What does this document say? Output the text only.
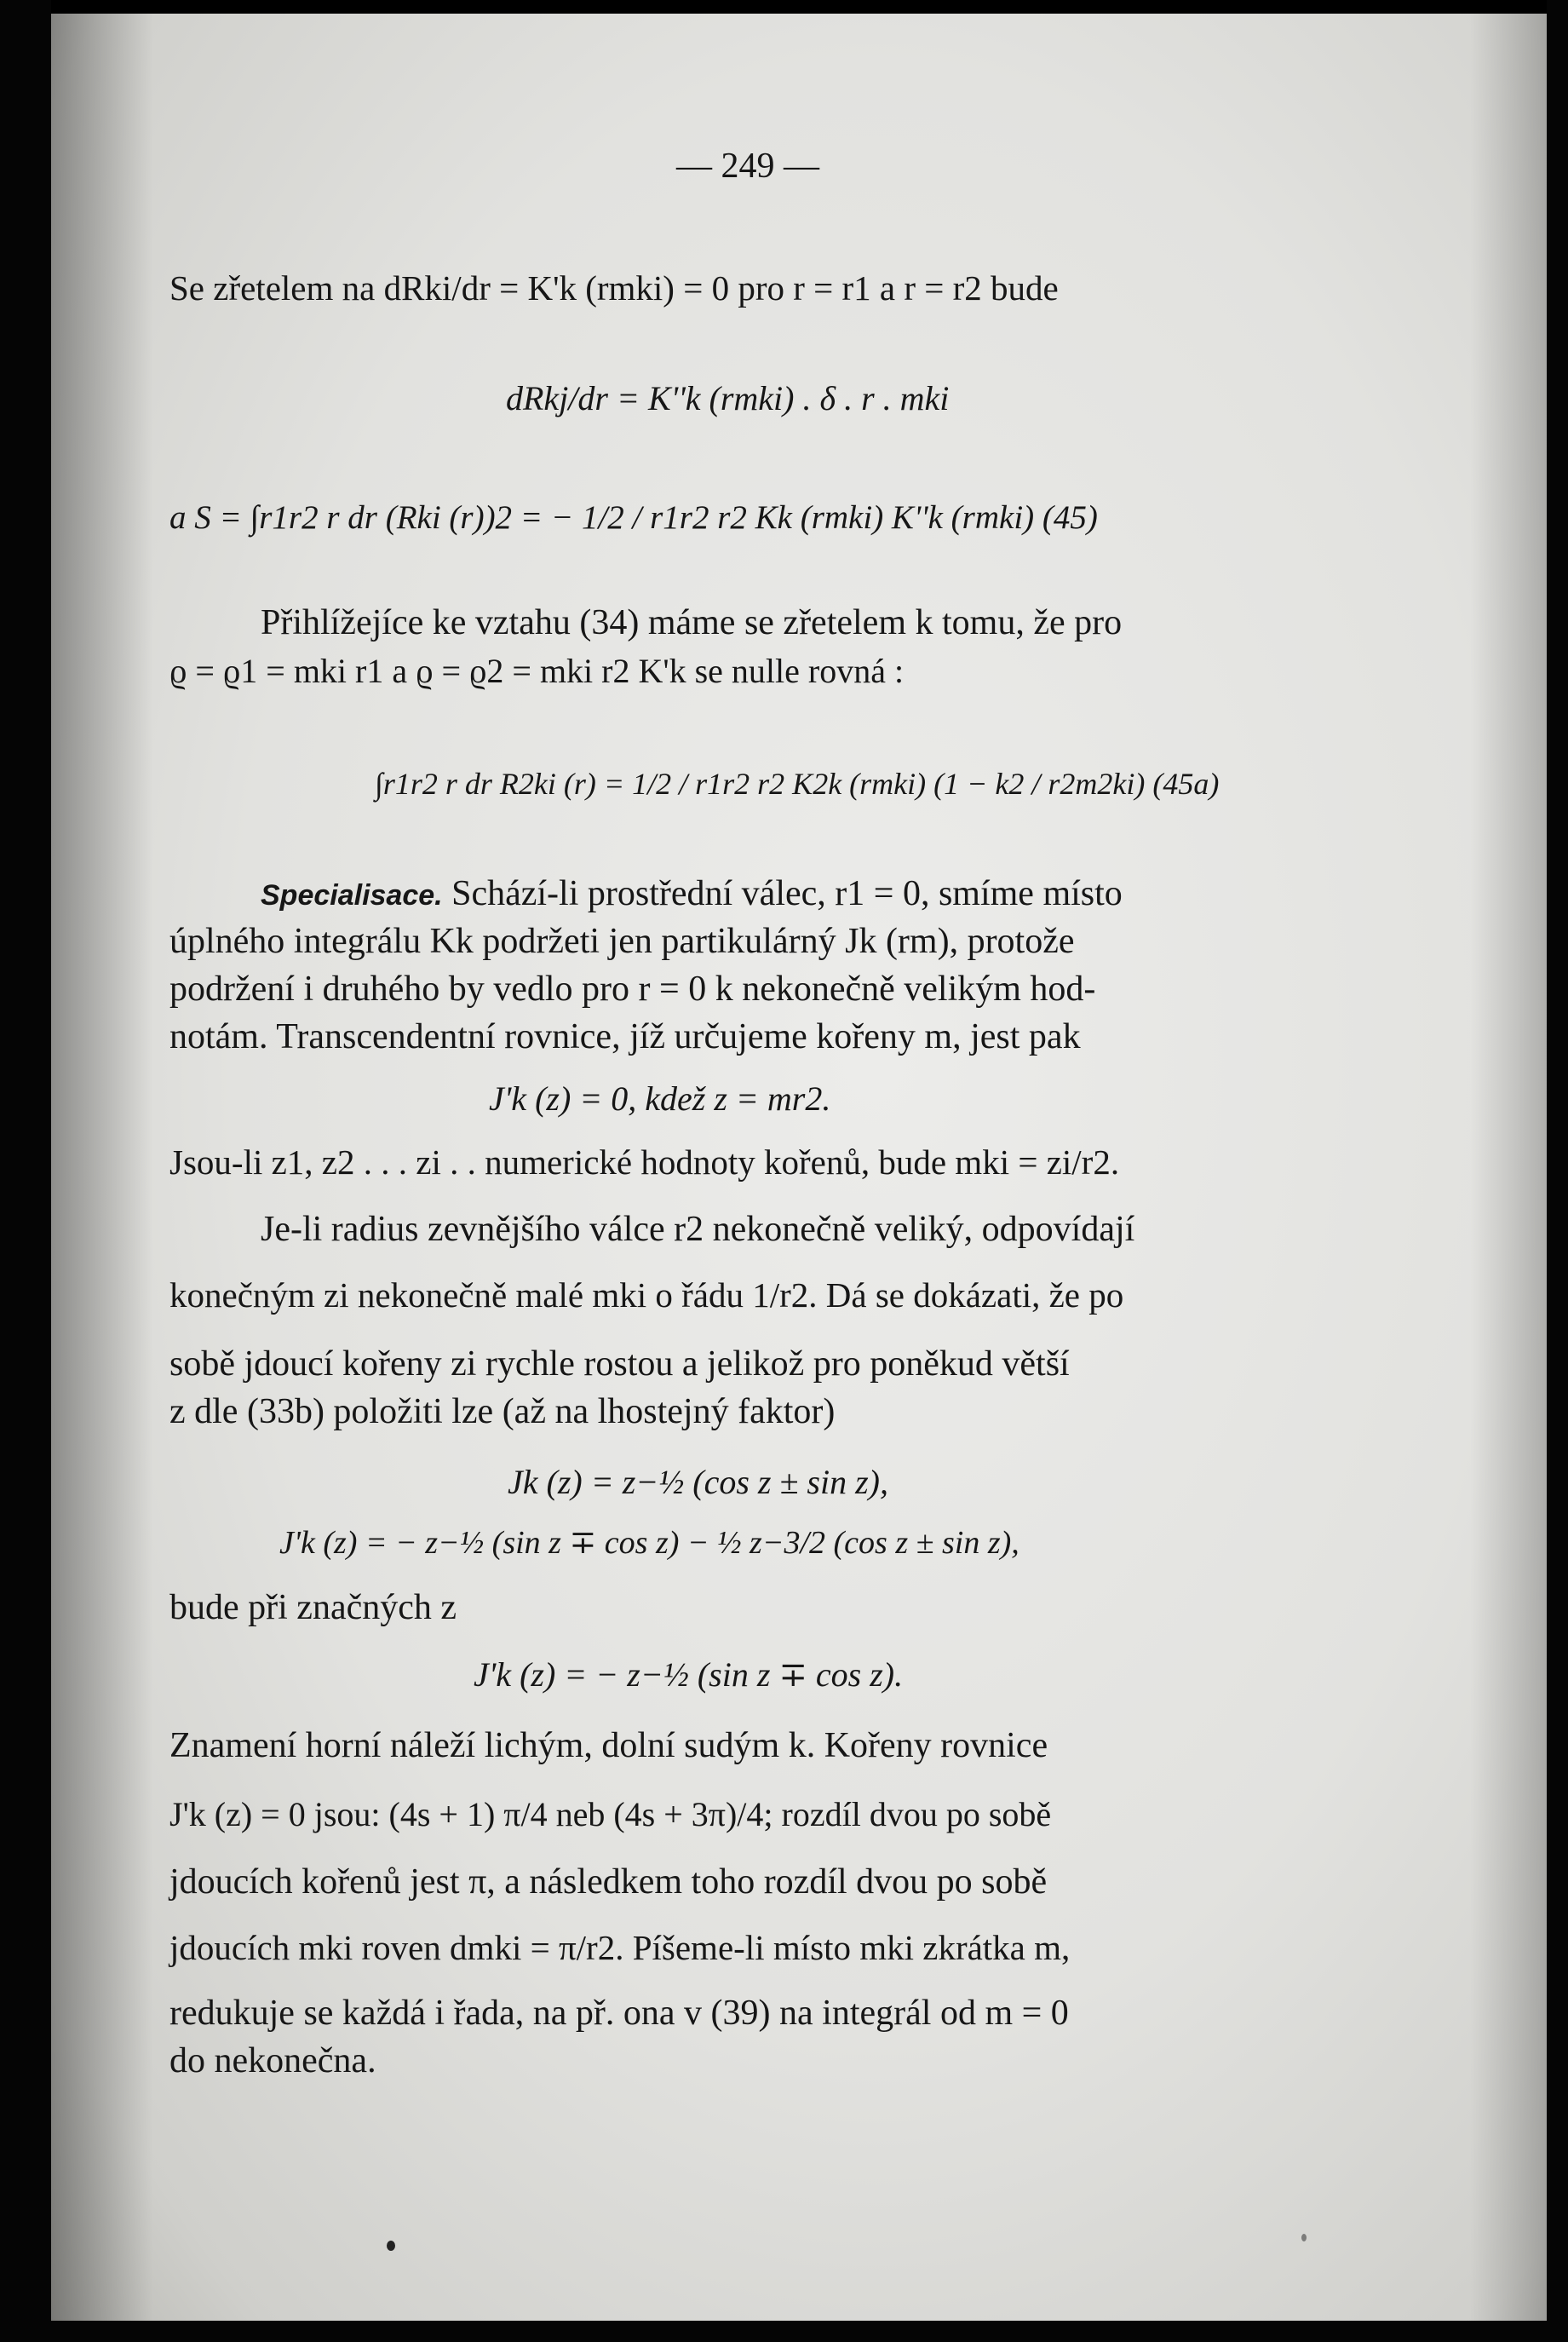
— 249 —
Se zřetelem na dRki/dr = K'k (rmki) = 0 pro r = r1 a r = r2 bude
dRkj/dr = K''k (rmki) . δ . r . mki
a S = ∫r1r2 r dr (Rki (r))2 = − 1/2 / r1r2 r2 Kk (rmki) K''k (rmki) (45)
Přihlížejíce ke vztahu (34) máme se zřetelem k tomu, že pro
ϱ = ϱ1 = mki r1 a ϱ = ϱ2 = mki r2 K'k se nulle rovná :
∫r1r2 r dr R2ki (r) = 1/2 / r1r2 r2 K2k (rmki) (1 − k2 / r2m2ki) (45a)
Specialisace. Schází-li prostřední válec, r1 = 0, smíme místo
úplného integrálu Kk podržeti jen partikulárný Jk (rm), protože
podržení i druhého by vedlo pro r = 0 k nekonečně velikým hod-
notám. Transcendentní rovnice, jíž určujeme kořeny m, jest pak
J'k (z) = 0, kdež z = mr2.
Jsou-li z1, z2 . . . zi . . numerické hodnoty kořenů, bude mki = zi/r2.
Je-li radius zevnějšího válce r2 nekonečně veliký, odpovídají
konečným zi nekonečně malé mki o řádu 1/r2. Dá se dokázati, že po
sobě jdoucí kořeny zi rychle rostou a jelikož pro poněkud větší
z dle (33b) položiti lze (až na lhostejný faktor)
Jk (z) = z−½ (cos z ± sin z),
J'k (z) = − z−½ (sin z ∓ cos z) − ½ z−3/2 (cos z ± sin z),
bude při značných z
J'k (z) = − z−½ (sin z ∓ cos z).
Znamení horní náleží lichým, dolní sudým k. Kořeny rovnice
J'k (z) = 0 jsou: (4s + 1) π/4 neb (4s + 3π)/4; rozdíl dvou po sobě
jdoucích kořenů jest π, a následkem toho rozdíl dvou po sobě
jdoucích mki roven dmki = π/r2. Píšeme-li místo mki zkrátka m,
redukuje se každá i řada, na př. ona v (39) na integrál od m = 0
do nekonečna.
